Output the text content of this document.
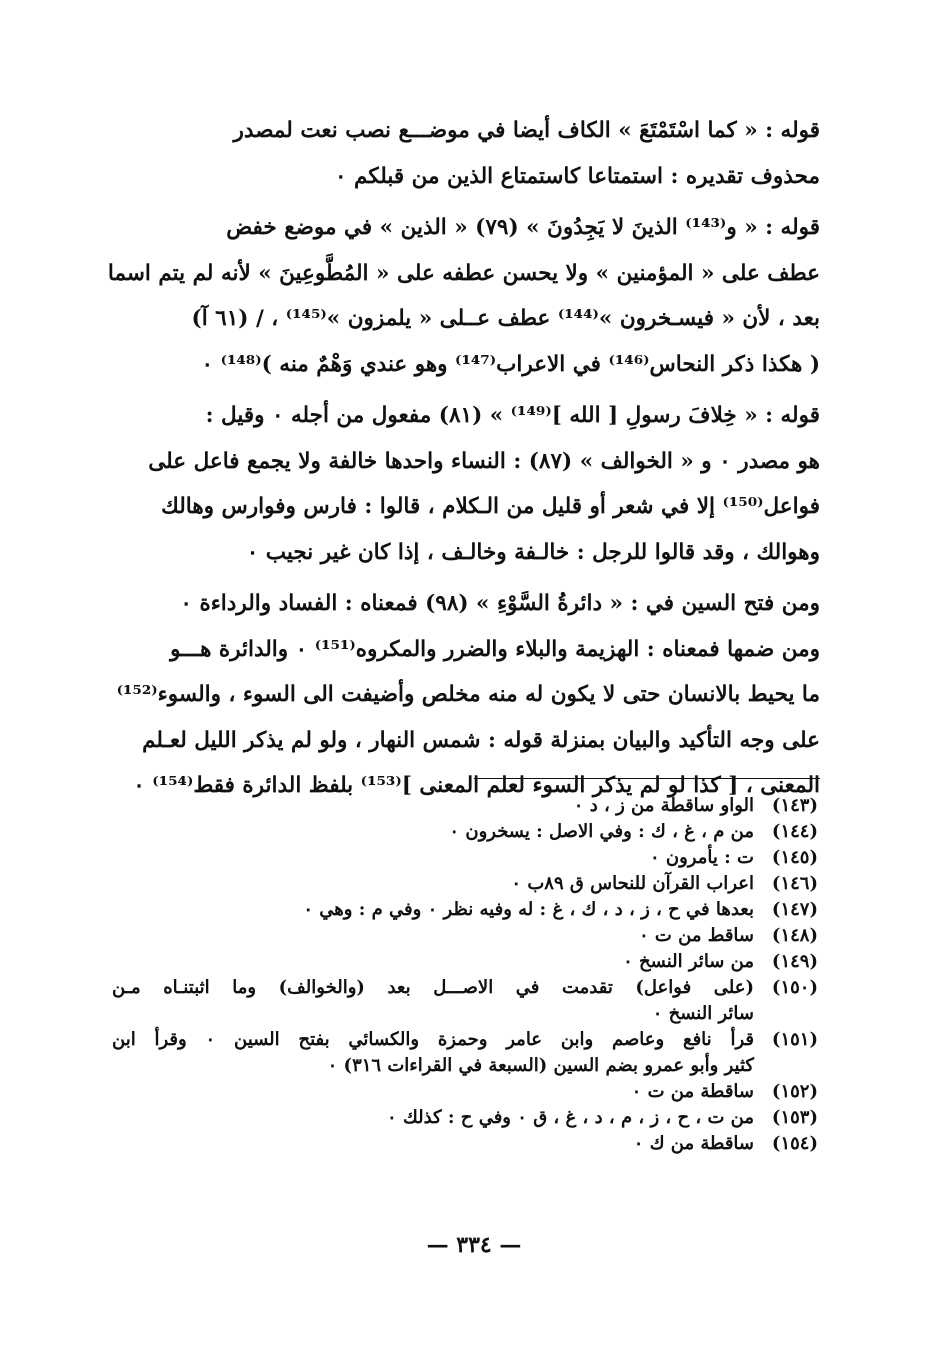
قوله : « كما اسْتَمْتَعَ » الكاف أيضا في موضـــع نصب نعت لمصدر
محذوف تقديره : استمتاعا كاستمتاع الذين من قبلكم ٠

قوله : « و⁽¹⁴³⁾ الذينَ لا يَجِدُونَ » (٧٩) « الذين » في موضع خفض
عطف على « المؤمنين » ولا يحسن عطفه على « المُطَّوعِينَ » لأنه لم يتم اسما
بعد ، لأن « فيسـخرون »⁽¹⁴⁴⁾ عطف عــلى « يلمزون »⁽¹⁴⁵⁾ ، / (٦١ آ)
( هكذا ذكر النحاس⁽¹⁴⁶⁾ في الاعراب⁽¹⁴⁷⁾ وهو عندي وَهْمٌ منه )⁽¹⁴⁸⁾ ٠

قوله : « خِلافَ رسولِ [ الله ]⁽¹⁴⁹⁾ » (٨١) مفعول من أجله ٠ وقيل :
هو مصدر ٠ و « الخوالف » (٨٧) : النساء واحدها خالفة ولا يجمع فاعل على
فواعل⁽¹⁵⁰⁾ إلا في شعر أو قليل من الـكلام ، قالوا : فارس وفوارس وهالك
وهوالك ، وقد قالوا للرجل : خالـفة وخالـف ، إذا كان غير نجيب ٠

ومن فتح السين في : « دائرةُ السَّوْءِ » (٩٨) فمعناه : الفساد والرداءة ٠
ومن ضمها فمعناه : الهزيمة والبلاء والضرر والمكروه⁽¹⁵¹⁾ ٠ والدائرة هـــو
ما يحيط بالانسان حتى لا يكون له منه مخلص وأضيفت الى السوء ، والسوء⁽¹⁵²⁾
على وجه التأكيد والبيان بمنزلة قوله : شمس النهار ، ولو لم يذكر الليل لعـلم
المعنى ، [ كذا لو لم يذكر السوء لعلم المعنى ]⁽¹⁵³⁾ بلفظ الدائرة فقط⁽¹⁵⁴⁾ ٠

(١٤٣)
الواو ساقطة من ز ، د ٠
(١٤٤)
من م ، غ ، ك : وفي الاصل : يسخرون ٠
(١٤٥)
ت : يأمرون ٠
(١٤٦)
اعراب القرآن للنحاس ق ٨٩ب ٠
(١٤٧)
بعدها في ح ، ز ، د ، ك ، غ : له وفيه نظر ٠ وفي م : وهي ٠
(١٤٨)
ساقط من ت ٠
(١٤٩)
من سائر النسخ ٠
(١٥٠)
(على فواعل) تقدمت في الاصـــل بعد (والخوالف) وما اثبتنـاه مـن
سائر النسخ ٠
(١٥١)
قرأ نافع وعاصم وابن عامر وحمزة والكسائي بفتح السين ٠ وقرأ ابن
كثير وأبو عمرو بضم السين (السبعة في القراءات ٣١٦) ٠
(١٥٢)
ساقطة من ت ٠
(١٥٣)
من ت ، ح ، ز ، م ، د ، غ ، ق ٠ وفي ح : كذلك ٠
(١٥٤)
ساقطة من ك ٠
— ٣٣٤ —
